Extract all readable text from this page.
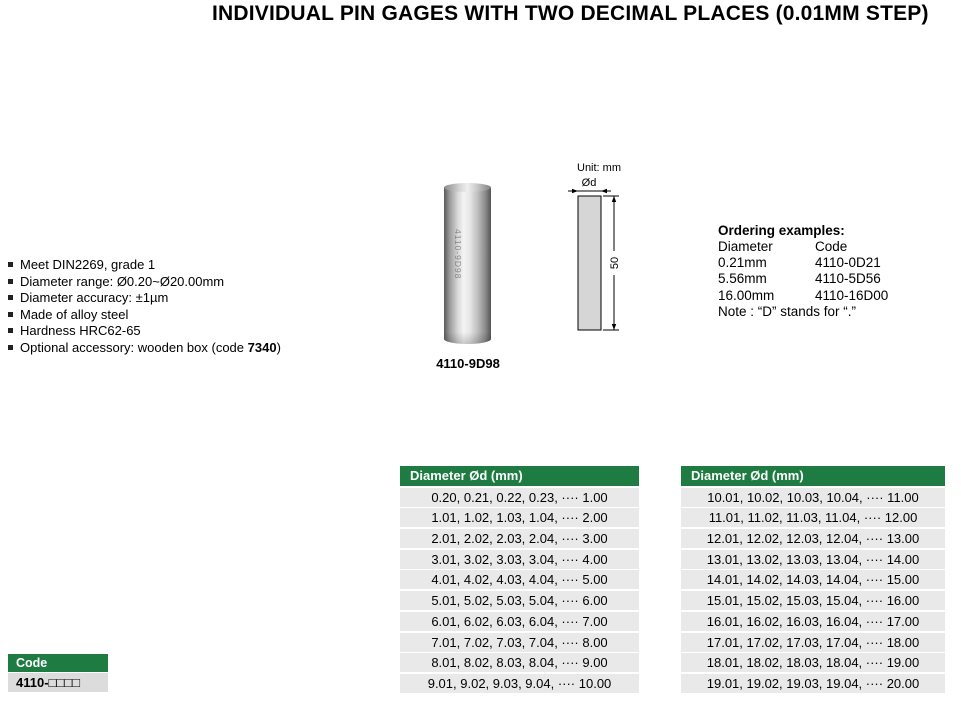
INDIVIDUAL PIN GAGES WITH TWO DECIMAL PLACES (0.01MM STEP)
Meet DIN2269, grade 1
Diameter range: Ø0.20~Ø20.00mm
Diameter accuracy: ±1µm
Made of alloy steel
Hardness HRC62-65
Optional accessory: wooden box (code 7340)
4110-9D98
4110-9D98
Unit: mm
Ød
50
Ordering examples:
Diameter	Code
0.21mm	4110-0D21
5.56mm	4110-5D56
16.00mm	4110-16D00
Note : “D” stands for “.”
Code
4110-□□□□
Diameter Ød (mm)
0.20, 0.21, 0.22, 0.23, ···· 1.00
1.01, 1.02, 1.03, 1.04, ···· 2.00
2.01, 2.02, 2.03, 2.04, ···· 3.00
3.01, 3.02, 3.03, 3.04, ···· 4.00
4.01, 4.02, 4.03, 4.04, ···· 5.00
5.01, 5.02, 5.03, 5.04, ···· 6.00
6.01, 6.02, 6.03, 6.04, ···· 7.00
7.01, 7.02, 7.03, 7.04, ···· 8.00
8.01, 8.02, 8.03, 8.04, ···· 9.00
9.01, 9.02, 9.03, 9.04, ···· 10.00
Diameter Ød (mm)
10.01, 10.02, 10.03, 10.04, ···· 11.00
11.01, 11.02, 11.03, 11.04, ···· 12.00
12.01, 12.02, 12.03, 12.04, ···· 13.00
13.01, 13.02, 13.03, 13.04, ···· 14.00
14.01, 14.02, 14.03, 14.04, ···· 15.00
15.01, 15.02, 15.03, 15.04, ···· 16.00
16.01, 16.02, 16.03, 16.04, ···· 17.00
17.01, 17.02, 17.03, 17.04, ···· 18.00
18.01, 18.02, 18.03, 18.04, ···· 19.00
19.01, 19.02, 19.03, 19.04, ···· 20.00
